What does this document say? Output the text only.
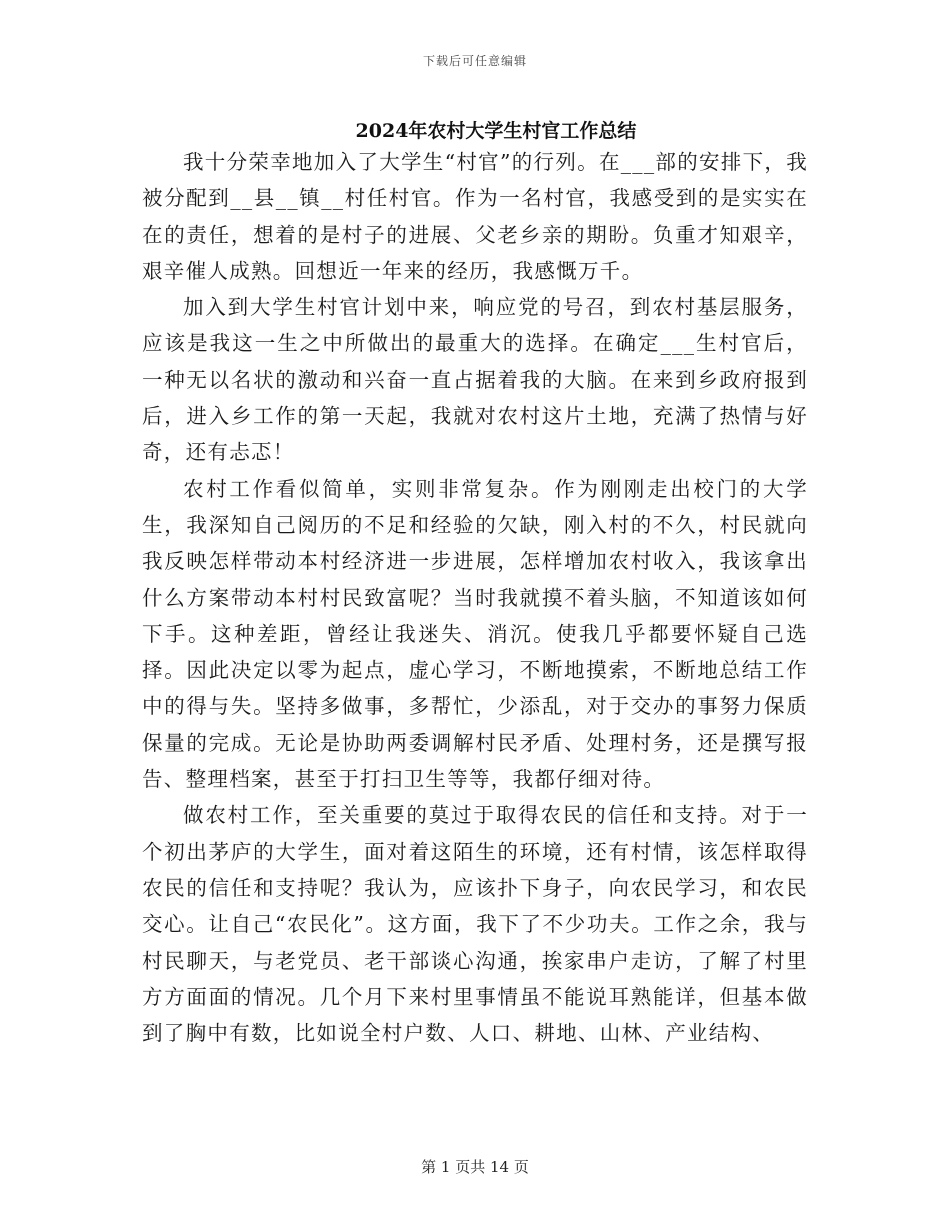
下载后可任意编辑
2024年农村大学生村官工作总结

我十分荣幸地加入了大学生“村官”的行列。在___部的安排下，我被分配到__县__镇__村任村官。作为一名村官，我感受到的是实实在在的责任，想着的是村子的进展、父老乡亲的期盼。负重才知艰辛，艰辛催人成熟。回想近一年来的经历，我感慨万千。

加入到大学生村官计划中来，响应党的号召，到农村基层服务，应该是我这一生之中所做出的最重大的选择。在确定___生村官后，一种无以名状的激动和兴奋一直占据着我的大脑。在来到乡政府报到后，进入乡工作的第一天起，我就对农村这片土地，充满了热情与好奇，还有忐忑！

农村工作看似简单，实则非常复杂。作为刚刚走出校门的大学生，我深知自己阅历的不足和经验的欠缺，刚入村的不久，村民就向我反映怎样带动本村经济进一步进展，怎样增加农村收入，我该拿出什么方案带动本村村民致富呢？当时我就摸不着头脑，不知道该如何下手。这种差距，曾经让我迷失、消沉。使我几乎都要怀疑自己选择。因此决定以零为起点，虚心学习，不断地摸索，不断地总结工作中的得与失。坚持多做事，多帮忙，少添乱，对于交办的事努力保质保量的完成。无论是协助两委调解村民矛盾、处理村务，还是撰写报告、整理档案，甚至于打扫卫生等等，我都仔细对待。

做农村工作，至关重要的莫过于取得农民的信任和支持。对于一个初出茅庐的大学生，面对着这陌生的环境，还有村情，该怎样取得农民的信任和支持呢？我认为，应该扑下身子，向农民学习，和农民交心。让自己“农民化”。这方面，我下了不少功夫。工作之余，我与村民聊天，与老党员、老干部谈心沟通，挨家串户走访，了解了村里方方面面的情况。几个月下来村里事情虽不能说耳熟能详，但基本做到了胸中有数，比如说全村户数、人口、耕地、山林、产业结构、

第 1 页共 14 页
